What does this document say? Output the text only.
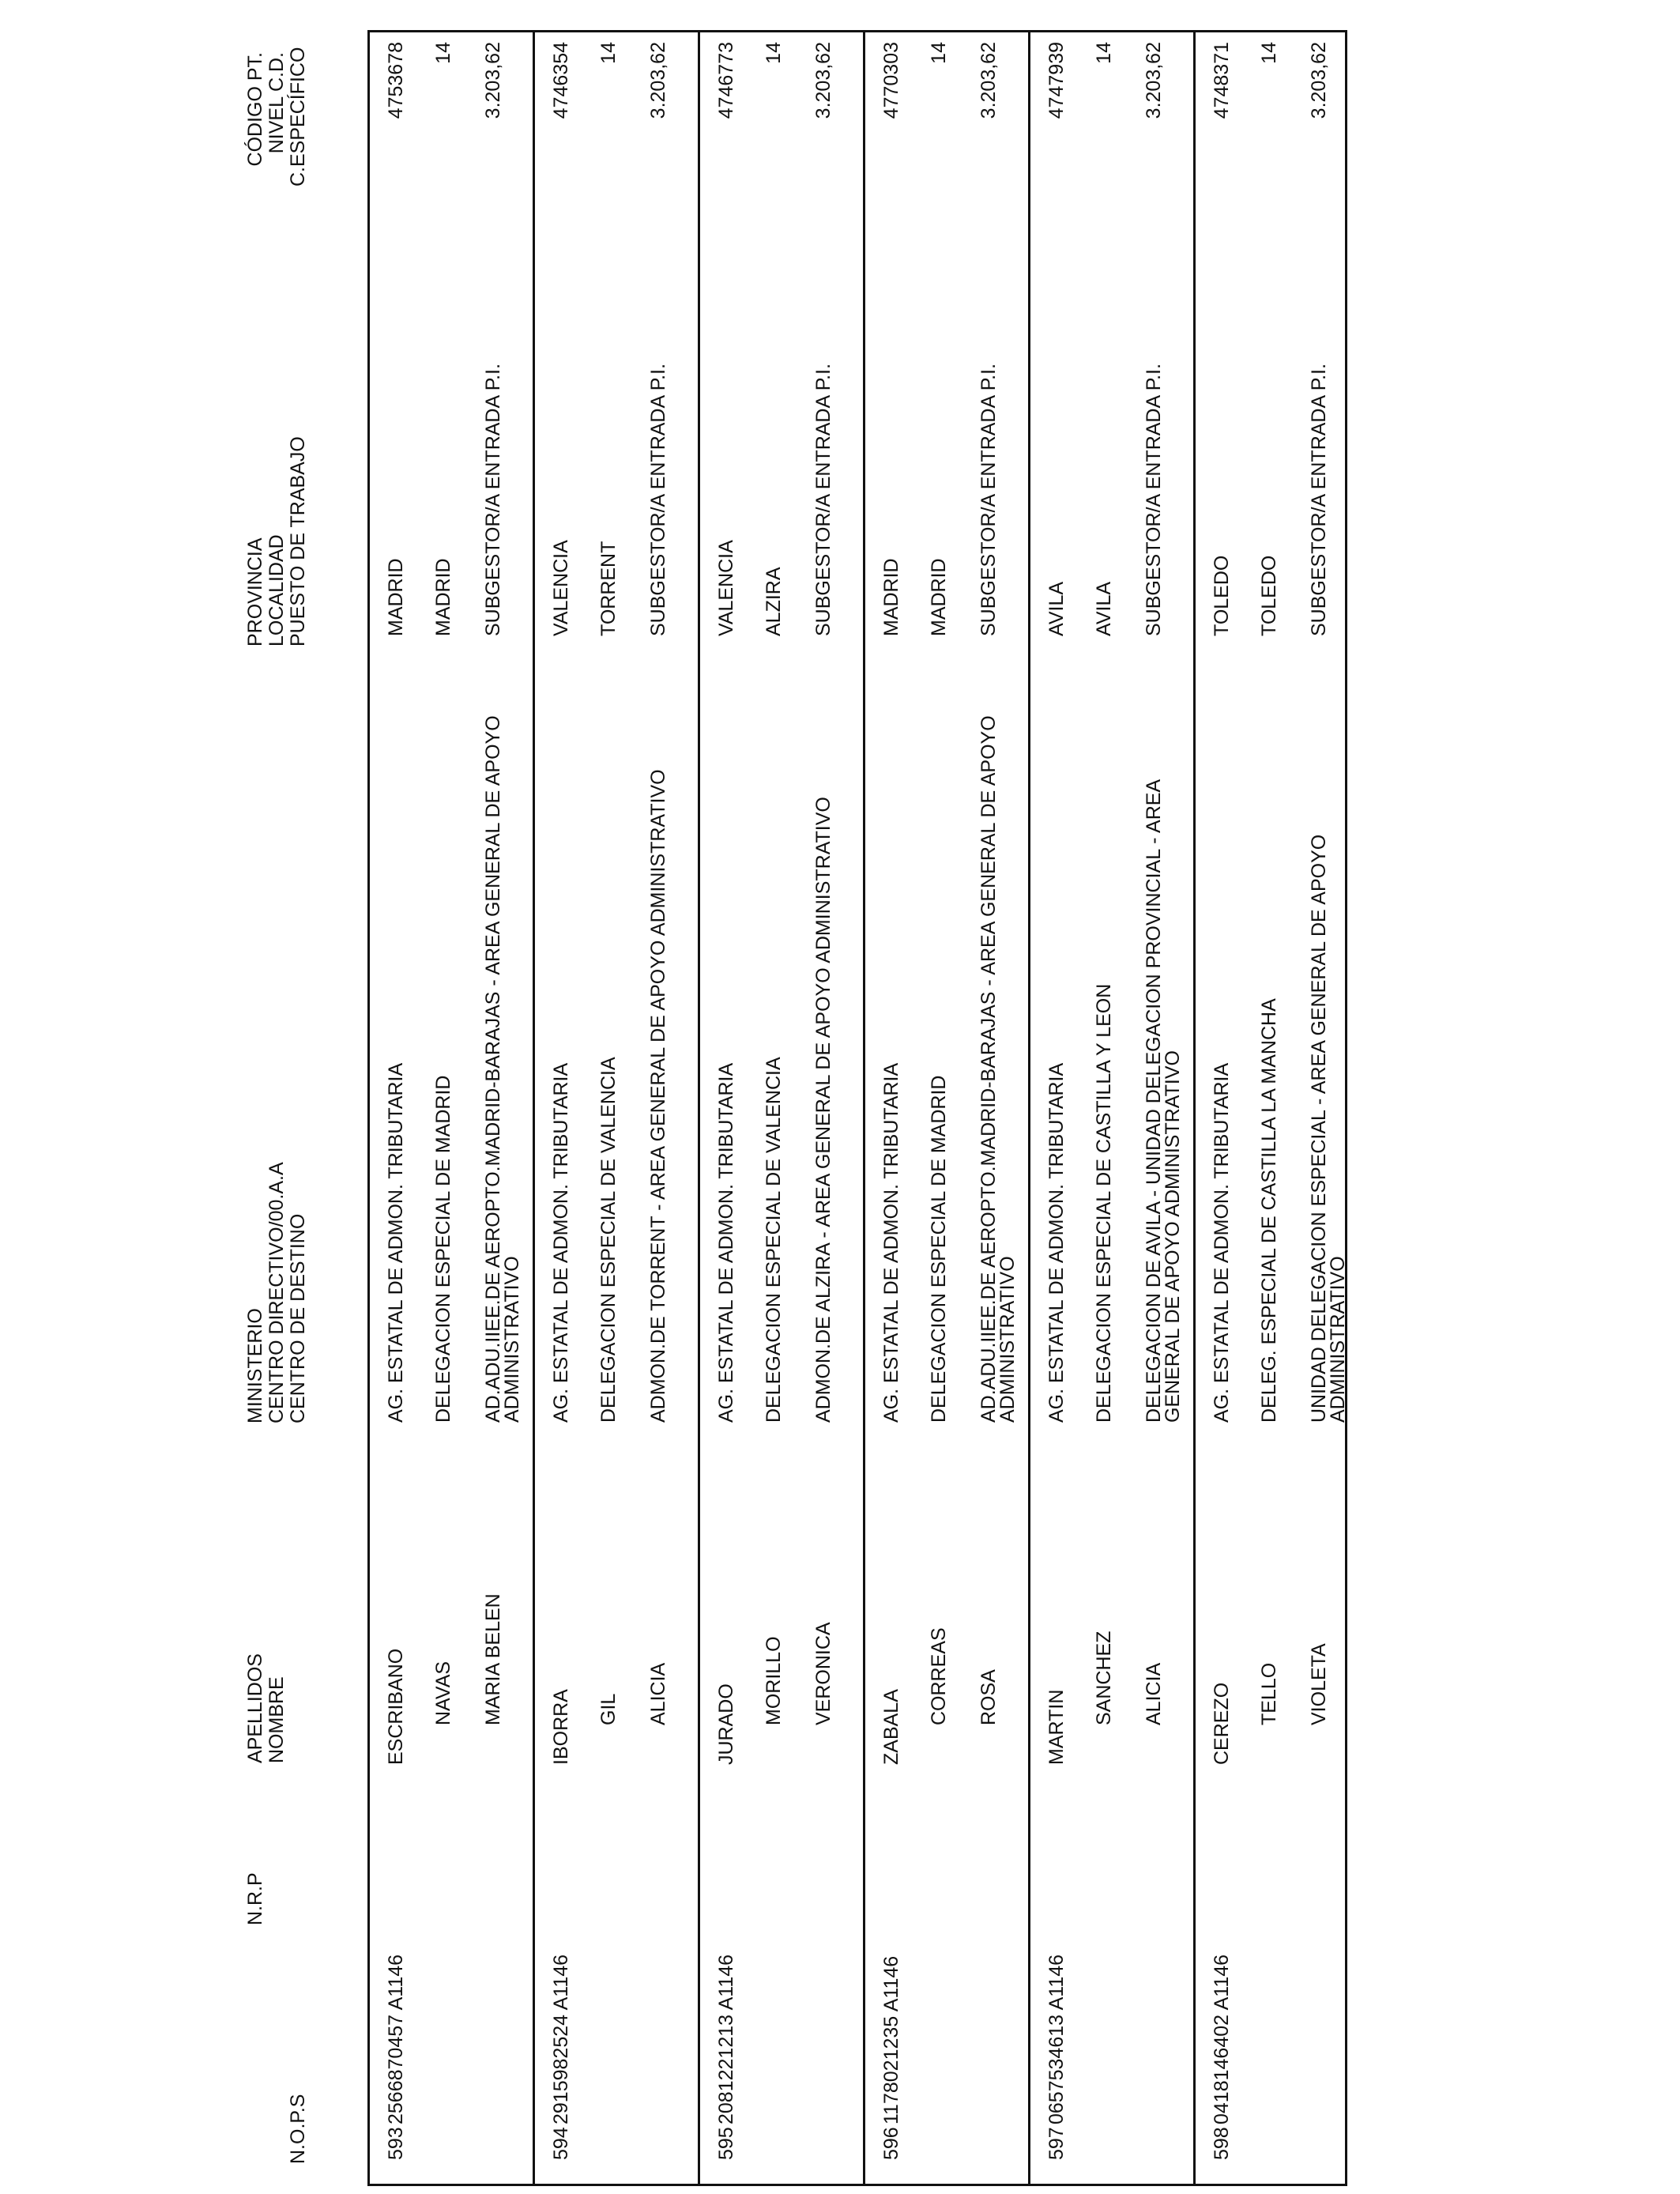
N.O.P.S
N.R.P
APELLIDOS NOMBRE
MINISTERIO CENTRO DIRECTIVO/00.A.A CENTRO DE DESTINO
PROVINCIA LOCALIDAD PUESTO DE TRABAJO
CÓDIGO PT. NIVEL C.D. C.ESPECÍFICO
593
2566870457 A1146
ESCRIBANO NAVAS MARIA BELEN
AG. ESTATAL DE ADMON. TRIBUTARIA DELEGACION ESPECIAL DE MADRID AD.ADU.IIEE.DE AEROPTO.MADRID-BARAJAS - AREA GENERAL DE APOYO
ADMINISTRATIVO
MADRID MADRID SUBGESTOR/A ENTRADA P.I.
4753678 14 3.203,62
594
2915982524 A1146
IBORRA GIL ALICIA
AG. ESTATAL DE ADMON. TRIBUTARIA DELEGACION ESPECIAL DE VALENCIA ADMON.DE TORRENT - AREA GENERAL DE APOYO ADMINISTRATIVO
VALENCIA TORRENT SUBGESTOR/A ENTRADA P.I.
4746354 14 3.203,62
595
2081221213 A1146
JURADO MORILLO VERONICA
AG. ESTATAL DE ADMON. TRIBUTARIA DELEGACION ESPECIAL DE VALENCIA ADMON.DE ALZIRA - AREA GENERAL DE APOYO ADMINISTRATIVO
VALENCIA ALZIRA SUBGESTOR/A ENTRADA P.I.
4746773 14 3.203,62
596
1178021235 A1146
ZABALA
CORREAS ROSA
AG. ESTATAL DE ADMON. TRIBUTARIA DELEGACION ESPECIAL DE MADRID AD.ADU.IIEE.DE AEROPTO.MADRID-BARAJAS - AREA GENERAL DE APOYO
ADMINISTRATIVO
MADRID MADRID SUBGESTOR/A ENTRADA P.I.
4770303 14 3.203,62
597
0657534613 A1146
MARTIN
SANCHEZ ALICIA
AG. ESTATAL DE ADMON. TRIBUTARIA DELEGACION ESPECIAL DE CASTILLA Y LEON DELEGACION DE AVILA - UNIDAD DELEGACION PROVINCIAL - AREA
GENERAL DE APOYO ADMINISTRATIVO
AVILA AVILA SUBGESTOR/A ENTRADA P.I.
4747939 14 3.203,62
598
0418146402 A1146
CEREZO TELLO VIOLETA
AG. ESTATAL DE ADMON. TRIBUTARIA DELEG. ESPECIAL DE CASTILLA LA MANCHA UNIDAD DELEGACION ESPECIAL - AREA GENERAL DE APOYO
ADMINISTRATIVO
TOLEDO TOLEDO SUBGESTOR/A ENTRADA P.I.
4748371 14 3.203,62
